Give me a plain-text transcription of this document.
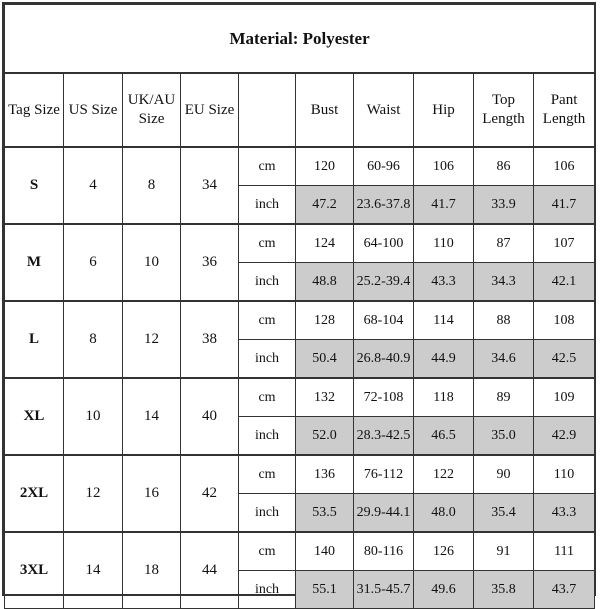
Material: Polyester									
Tag Size	US Size	UK/AU Size	EU Size		Bust	Waist	Hip	Top Length	Pant Length
S	4	8	34	cm	120	60-96	106	86	106
				inch	47.2	23.6-37.8	41.7	33.9	41.7
M	6	10	36	cm	124	64-100	110	87	107
				inch	48.8	25.2-39.4	43.3	34.3	42.1
L	8	12	38	cm	128	68-104	114	88	108
				inch	50.4	26.8-40.9	44.9	34.6	42.5
XL	10	14	40	cm	132	72-108	118	89	109
				inch	52.0	28.3-42.5	46.5	35.0	42.9
2XL	12	16	42	cm	136	76-112	122	90	110
				inch	53.5	29.9-44.1	48.0	35.4	43.3
3XL	14	18	44	cm	140	80-116	126	91	111
				inch	55.1	31.5-45.7	49.6	35.8	43.7
